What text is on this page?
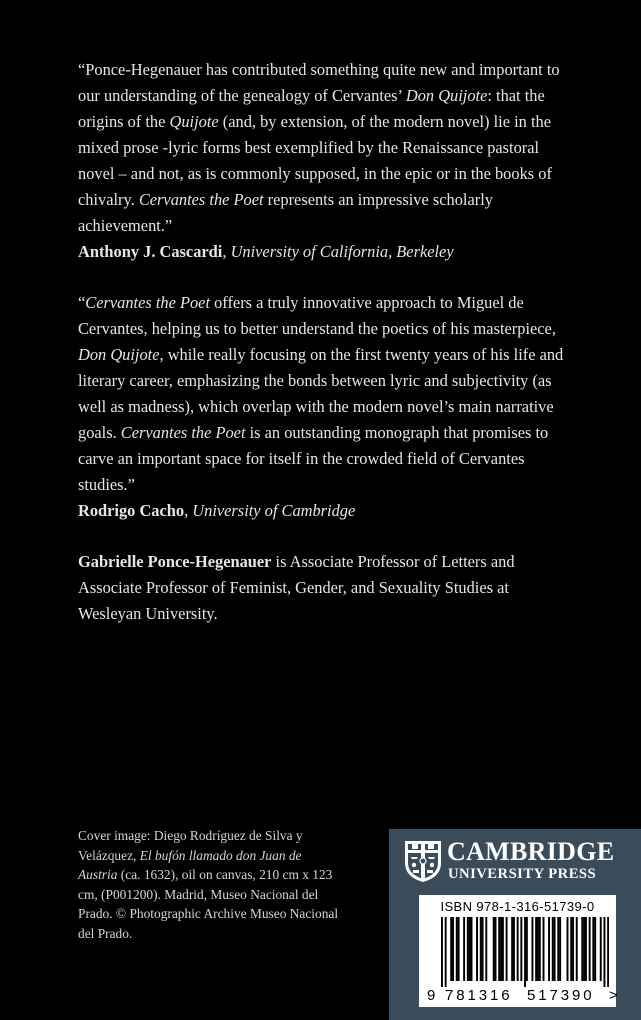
“Ponce-Hegenauer has contributed something quite new and important to our understanding of the genealogy of Cervantes’ Don Quijote: that the origins of the Quijote (and, by extension, of the modern novel) lie in the mixed prose -lyric forms best exemplified by the Renaissance pastoral novel – and not, as is commonly supposed, in the epic or in the books of chivalry. Cervantes the Poet represents an impressive scholarly achievement.”

Anthony J. Cascardi, University of California, Berkeley

“Cervantes the Poet offers a truly innovative approach to Miguel de Cervantes, helping us to better understand the poetics of his masterpiece, Don Quijote, while really focusing on the first twenty years of his life and literary career, emphasizing the bonds between lyric and subjectivity (as well as madness), which overlap with the modern novel’s main narrative goals. Cervantes the Poet is an outstanding monograph that promises to carve an important space for itself in the crowded field of Cervantes studies.”

Rodrigo Cacho, University of Cambridge

Gabrielle Ponce-Hegenauer is Associate Professor of Letters and Associate Professor of Feminist, Gender, and Sexuality Studies at Wesleyan University.

Cover image: Diego Rodríguez de Silva y Velázquez, El bufón llamado don Juan de Austria (ca. 1632), oil on canvas, 210 cm x 123 cm, (P001200). Madrid, Museo Nacional del Prado. © Photographic Archive Museo Nacional del Prado.
CAMBRIDGE
UNIVERSITY PRESS
ISBN 978-1-316-51739-0
9 781316 517390 >
